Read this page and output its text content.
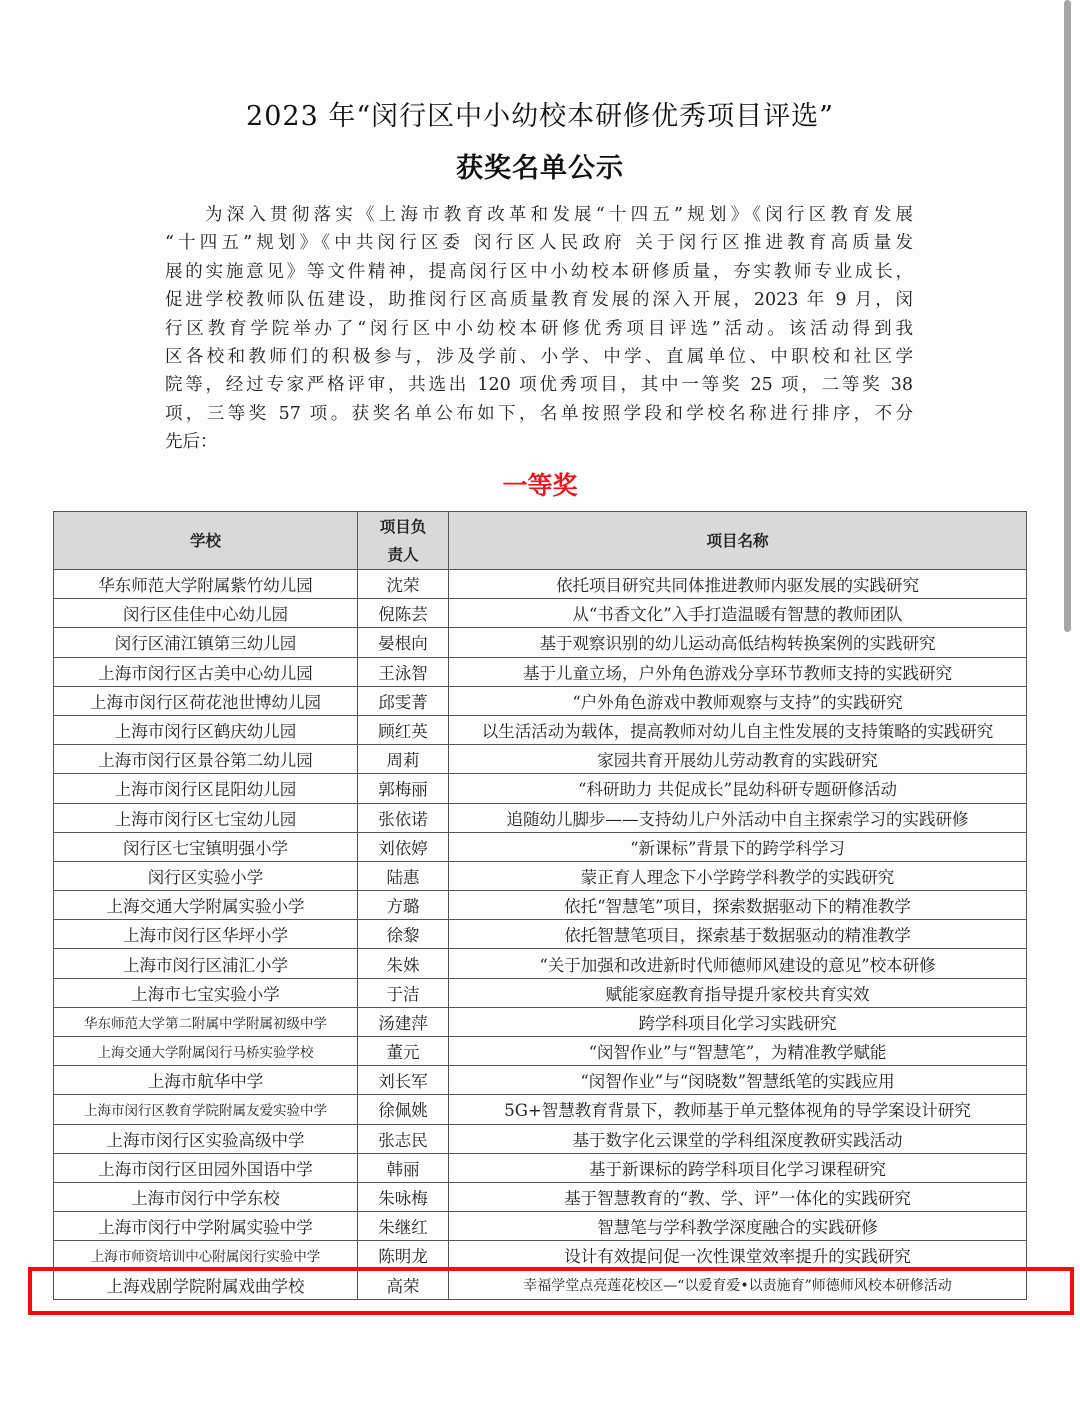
2023 年“闵行区中小幼校本研修优秀项目评选”
获奖名单公示
为深入贯彻落实《上海市教育改革和发展“十四五”规划》《闵行区教育发展
“十四五”规划》《中共闵行区委 闵行区人民政府 关于闵行区推进教育高质量发
展的实施意见》等文件精神，提高闵行区中小幼校本研修质量，夯实教师专业成长，
促进学校教师队伍建设，助推闵行区高质量教育发展的深入开展，2023 年 9 月，闵
行区教育学院举办了“闵行区中小幼校本研修优秀项目评选”活动。该活动得到我
区各校和教师们的积极参与，涉及学前、小学、中学、直属单位、中职校和社区学
院等，经过专家严格评审，共选出 120 项优秀项目，其中一等奖 25 项，二等奖 38
项，三等奖 57 项。获奖名单公布如下，名单按照学段和学校名称进行排序，不分
先后：
一等奖
学校	项目负责人	项目名称
华东师范大学附属紫竹幼儿园	沈荣	依托项目研究共同体推进教师内驱发展的实践研究
闵行区佳佳中心幼儿园	倪陈芸	从“书香文化”入手打造温暖有智慧的教师团队
闵行区浦江镇第三幼儿园	晏根向	基于观察识别的幼儿运动高低结构转换案例的实践研究
上海市闵行区古美中心幼儿园	王泳智	基于儿童立场，户外角色游戏分享环节教师支持的实践研究
上海市闵行区荷花池世博幼儿园	邱雯菁	“户外角色游戏中教师观察与支持”的实践研究
上海市闵行区鹤庆幼儿园	顾红英	以生活活动为载体，提高教师对幼儿自主性发展的支持策略的实践研究
上海市闵行区景谷第二幼儿园	周莉	家园共育开展幼儿劳动教育的实践研究
上海市闵行区昆阳幼儿园	郭梅丽	“科研助力 共促成长”昆幼科研专题研修活动
上海市闵行区七宝幼儿园	张依诺	追随幼儿脚步——支持幼儿户外活动中自主探索学习的实践研修
闵行区七宝镇明强小学	刘依婷	“新课标”背景下的跨学科学习
闵行区实验小学	陆惠	蒙正育人理念下小学跨学科教学的实践研究
上海交通大学附属实验小学	方璐	依托“智慧笔”项目，探索数据驱动下的精准教学
上海市闵行区华坪小学	徐黎	依托智慧笔项目，探索基于数据驱动的精准教学
上海市闵行区浦汇小学	朱姝	“关于加强和改进新时代师德师风建设的意见”校本研修
上海市七宝实验小学	于洁	赋能家庭教育指导提升家校共育实效
华东师范大学第二附属中学附属初级中学	汤建萍	跨学科项目化学习实践研究
上海交通大学附属闵行马桥实验学校	董元	“闵智作业”与“智慧笔”，为精准教学赋能
上海市航华中学	刘长军	“闵智作业”与“闵晓数”智慧纸笔的实践应用
上海市闵行区教育学院附属友爱实验中学	徐佩姚	5G+智慧教育背景下，教师基于单元整体视角的导学案设计研究
上海市闵行区实验高级中学	张志民	基于数字化云课堂的学科组深度教研实践活动
上海市闵行区田园外国语中学	韩丽	基于新课标的跨学科项目化学习课程研究
上海市闵行中学东校	朱咏梅	基于智慧教育的“教、学、评”一体化的实践研究
上海市闵行中学附属实验中学	朱继红	智慧笔与学科教学深度融合的实践研修
上海市师资培训中心附属闵行实验中学	陈明龙	设计有效提问促一次性课堂效率提升的实践研究
上海戏剧学院附属戏曲学校	高荣	幸福学堂点亮莲花校区—“以爱育爱•以责施育”师德师风校本研修活动
